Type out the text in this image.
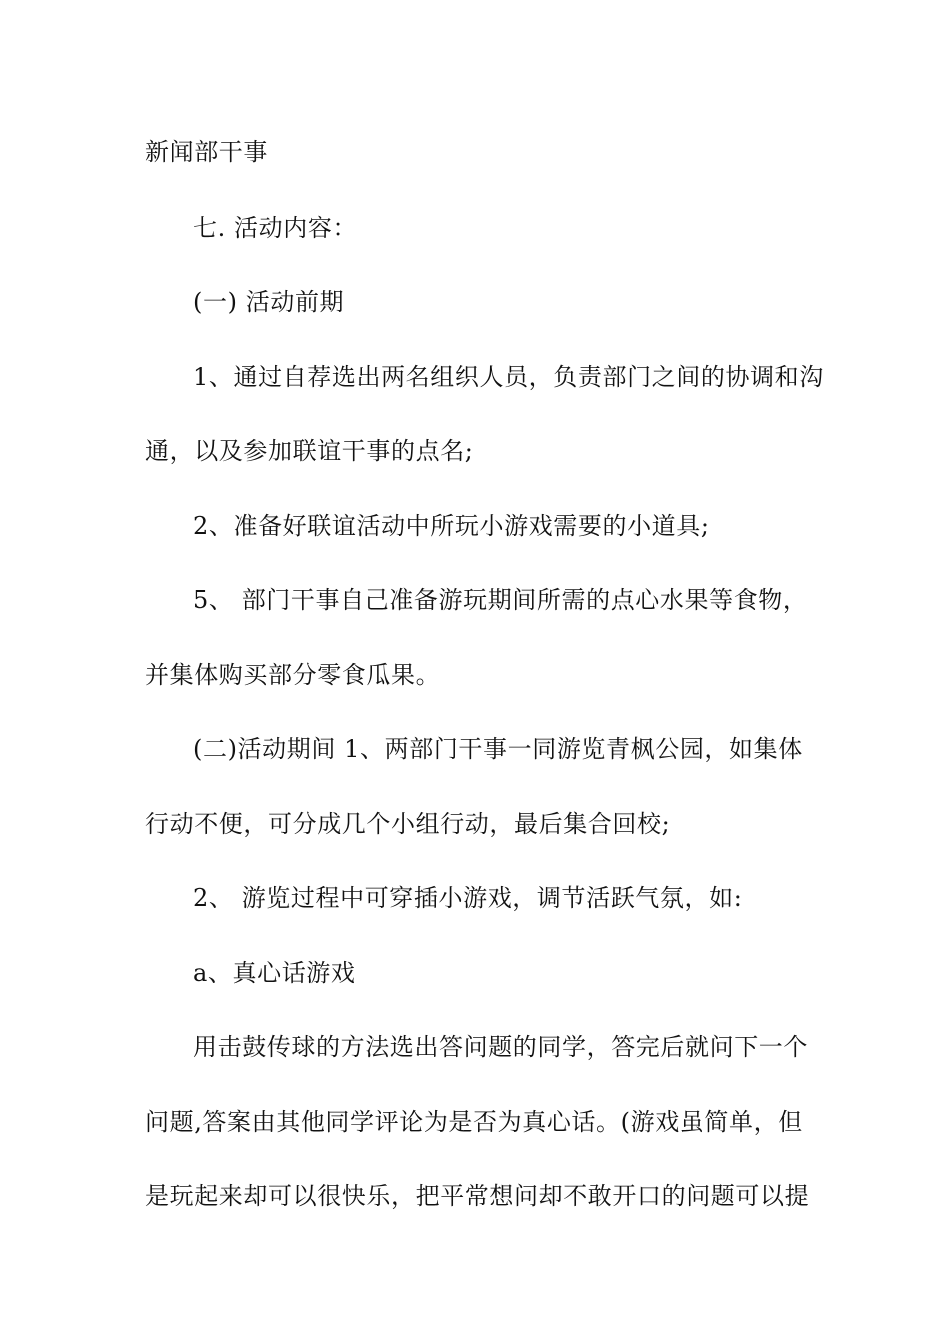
新闻部干事
七. 活动内容：
(一) 活动前期
1、通过自荐选出两名组织人员，负责部门之间的协调和沟
通，以及参加联谊干事的点名;
2、准备好联谊活动中所玩小游戏需要的小道具;
5、 部门干事自己准备游玩期间所需的点心水果等食物，
并集体购买部分零食瓜果。
(二)活动期间 1、两部门干事一同游览青枫公园，如集体
行动不便，可分成几个小组行动，最后集合回校;
2、 游览过程中可穿插小游戏，调节活跃气氛，如:
a、真心话游戏
用击鼓传球的方法选出答问题的同学，答完后就问下一个
问题,答案由其他同学评论为是否为真心话。(游戏虽简单，但
是玩起来却可以很快乐，把平常想问却不敢开口的问题可以提
